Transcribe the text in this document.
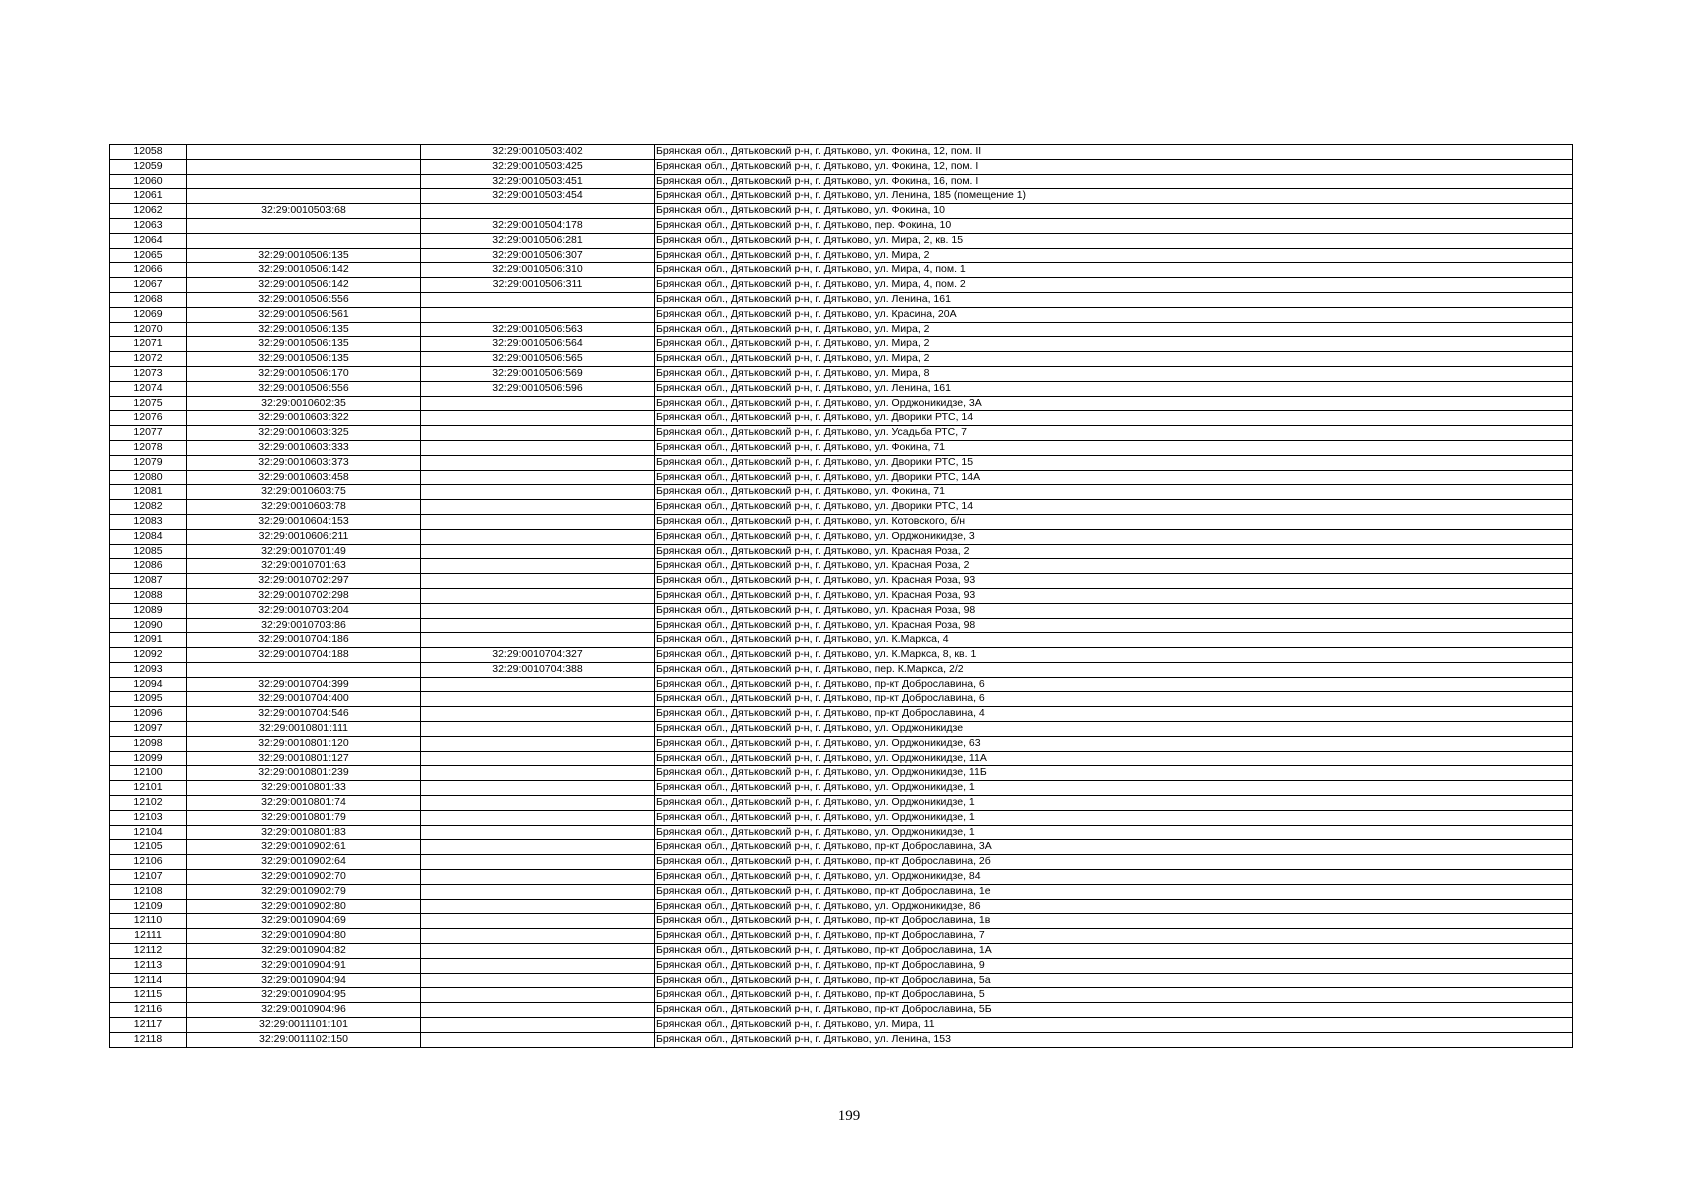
12058		32:29:0010503:402	Брянская обл., Дятьковский р-н, г. Дятьково, ул. Фокина, 12, пом. II
12059		32:29:0010503:425	Брянская обл., Дятьковский р-н, г. Дятьково, ул. Фокина, 12, пом. I
12060		32:29:0010503:451	Брянская обл., Дятьковский р-н, г. Дятьково, ул. Фокина, 16, пом. I
12061		32:29:0010503:454	Брянская обл., Дятьковский р-н, г. Дятьково, ул. Ленина, 185 (помещение 1)
12062	32:29:0010503:68		Брянская обл., Дятьковский р-н, г. Дятьково, ул. Фокина, 10
12063		32:29:0010504:178	Брянская обл., Дятьковский р-н, г. Дятьково, пер. Фокина, 10
12064		32:29:0010506:281	Брянская обл., Дятьковский р-н, г. Дятьково, ул. Мира, 2, кв. 15
12065	32:29:0010506:135	32:29:0010506:307	Брянская обл., Дятьковский р-н, г. Дятьково, ул. Мира, 2
12066	32:29:0010506:142	32:29:0010506:310	Брянская обл., Дятьковский р-н, г. Дятьково, ул. Мира, 4, пом. 1
12067	32:29:0010506:142	32:29:0010506:311	Брянская обл., Дятьковский р-н, г. Дятьково, ул. Мира, 4, пом. 2
12068	32:29:0010506:556		Брянская обл., Дятьковский р-н, г. Дятьково, ул. Ленина, 161
12069	32:29:0010506:561		Брянская обл., Дятьковский р-н, г. Дятьково, ул. Красина, 20А
12070	32:29:0010506:135	32:29:0010506:563	Брянская обл., Дятьковский р-н, г. Дятьково, ул. Мира, 2
12071	32:29:0010506:135	32:29:0010506:564	Брянская обл., Дятьковский р-н, г. Дятьково, ул. Мира, 2
12072	32:29:0010506:135	32:29:0010506:565	Брянская обл., Дятьковский р-н, г. Дятьково, ул. Мира, 2
12073	32:29:0010506:170	32:29:0010506:569	Брянская обл., Дятьковский р-н, г. Дятьково, ул. Мира, 8
12074	32:29:0010506:556	32:29:0010506:596	Брянская обл., Дятьковский р-н, г. Дятьково, ул. Ленина, 161
12075	32:29:0010602:35		Брянская обл., Дятьковский р-н, г. Дятьково, ул. Орджоникидзе, 3А
12076	32:29:0010603:322		Брянская обл., Дятьковский р-н, г. Дятьково, ул. Дворики РТС, 14
12077	32:29:0010603:325		Брянская обл., Дятьковский р-н, г. Дятьково, ул. Усадьба РТС, 7
12078	32:29:0010603:333		Брянская обл., Дятьковский р-н, г. Дятьково, ул. Фокина, 71
12079	32:29:0010603:373		Брянская обл., Дятьковский р-н, г. Дятьково, ул. Дворики РТС, 15
12080	32:29:0010603:458		Брянская обл., Дятьковский р-н, г. Дятьково, ул. Дворики РТС, 14А
12081	32:29:0010603:75		Брянская обл., Дятьковский р-н, г. Дятьково, ул. Фокина, 71
12082	32:29:0010603:78		Брянская обл., Дятьковский р-н, г. Дятьково, ул. Дворики РТС, 14
12083	32:29:0010604:153		Брянская обл., Дятьковский р-н, г. Дятьково, ул. Котовского, б/н
12084	32:29:0010606:211		Брянская обл., Дятьковский р-н, г. Дятьково, ул. Орджоникидзе, 3
12085	32:29:0010701:49		Брянская обл., Дятьковский р-н, г. Дятьково, ул. Красная Роза, 2
12086	32:29:0010701:63		Брянская обл., Дятьковский р-н, г. Дятьково, ул. Красная Роза, 2
12087	32:29:0010702:297		Брянская обл., Дятьковский р-н, г. Дятьково, ул. Красная Роза, 93
12088	32:29:0010702:298		Брянская обл., Дятьковский р-н, г. Дятьково, ул. Красная Роза, 93
12089	32:29:0010703:204		Брянская обл., Дятьковский р-н, г. Дятьково, ул. Красная Роза, 98
12090	32:29:0010703:86		Брянская обл., Дятьковский р-н, г. Дятьково, ул. Красная Роза, 98
12091	32:29:0010704:186		Брянская обл., Дятьковский р-н, г. Дятьково, ул. К.Маркса, 4
12092	32:29:0010704:188	32:29:0010704:327	Брянская обл., Дятьковский р-н, г. Дятьково, ул. К.Маркса, 8, кв. 1
12093		32:29:0010704:388	Брянская обл., Дятьковский р-н, г. Дятьково, пер. К.Маркса, 2/2
12094	32:29:0010704:399		Брянская обл., Дятьковский р-н, г. Дятьково, пр-кт Доброславина, 6
12095	32:29:0010704:400		Брянская обл., Дятьковский р-н, г. Дятьково, пр-кт Доброславина, 6
12096	32:29:0010704:546		Брянская обл., Дятьковский р-н, г. Дятьково, пр-кт Доброславина, 4
12097	32:29:0010801:111		Брянская обл., Дятьковский р-н, г. Дятьково, ул. Орджоникидзе
12098	32:29:0010801:120		Брянская обл., Дятьковский р-н, г. Дятьково, ул. Орджоникидзе, 63
12099	32:29:0010801:127		Брянская обл., Дятьковский р-н, г. Дятьково, ул. Орджоникидзе, 11А
12100	32:29:0010801:239		Брянская обл., Дятьковский р-н, г. Дятьково, ул. Орджоникидзе, 11Б
12101	32:29:0010801:33		Брянская обл., Дятьковский р-н, г. Дятьково, ул. Орджоникидзе, 1
12102	32:29:0010801:74		Брянская обл., Дятьковский р-н, г. Дятьково, ул. Орджоникидзе, 1
12103	32:29:0010801:79		Брянская обл., Дятьковский р-н, г. Дятьково, ул. Орджоникидзе, 1
12104	32:29:0010801:83		Брянская обл., Дятьковский р-н, г. Дятьково, ул. Орджоникидзе, 1
12105	32:29:0010902:61		Брянская обл., Дятьковский р-н, г. Дятьково, пр-кт Доброславина, 3А
12106	32:29:0010902:64		Брянская обл., Дятьковский р-н, г. Дятьково, пр-кт Доброславина, 2б
12107	32:29:0010902:70		Брянская обл., Дятьковский р-н, г. Дятьково, ул. Орджоникидзе, 84
12108	32:29:0010902:79		Брянская обл., Дятьковский р-н, г. Дятьково, пр-кт Доброславина, 1е
12109	32:29:0010902:80		Брянская обл., Дятьковский р-н, г. Дятьково, ул. Орджоникидзе, 86
12110	32:29:0010904:69		Брянская обл., Дятьковский р-н, г. Дятьково, пр-кт Доброславина, 1в
12111	32:29:0010904:80		Брянская обл., Дятьковский р-н, г. Дятьково, пр-кт Доброславина, 7
12112	32:29:0010904:82		Брянская обл., Дятьковский р-н, г. Дятьково, пр-кт Доброславина, 1А
12113	32:29:0010904:91		Брянская обл., Дятьковский р-н, г. Дятьково, пр-кт Доброславина, 9
12114	32:29:0010904:94		Брянская обл., Дятьковский р-н, г. Дятьково, пр-кт Доброславина, 5а
12115	32:29:0010904:95		Брянская обл., Дятьковский р-н, г. Дятьково, пр-кт Доброславина, 5
12116	32:29:0010904:96		Брянская обл., Дятьковский р-н, г. Дятьково, пр-кт Доброславина, 5Б
12117	32:29:0011101:101		Брянская обл., Дятьковский р-н, г. Дятьково, ул. Мира, 11
12118	32:29:0011102:150		Брянская обл., Дятьковский р-н, г. Дятьково, ул. Ленина, 153
199
